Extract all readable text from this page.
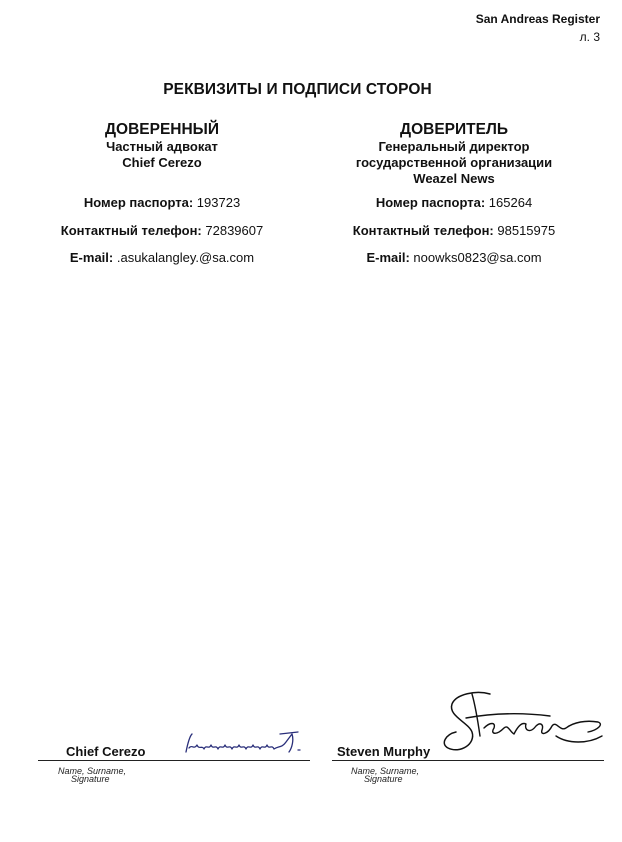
San Andreas Register
л. 3
РЕКВИЗИТЫ И ПОДПИСИ СТОРОН
ДОВЕРЕННЫЙ
Частный адвокат
Chief Cerezo
Номер паспорта: 193723
Контактный телефон: 72839607
E-mail: .asukalangley.@sa.com
ДОВЕРИТЕЛЬ
Генеральный директор
государственной организации
Weazel News
Номер паспорта: 165264
Контактный телефон: 98515975
E-mail: noowks0823@sa.com
Chief Cerezo
Name, Surname,
Signature
Steven Murphy
Name, Surname,
Signature
